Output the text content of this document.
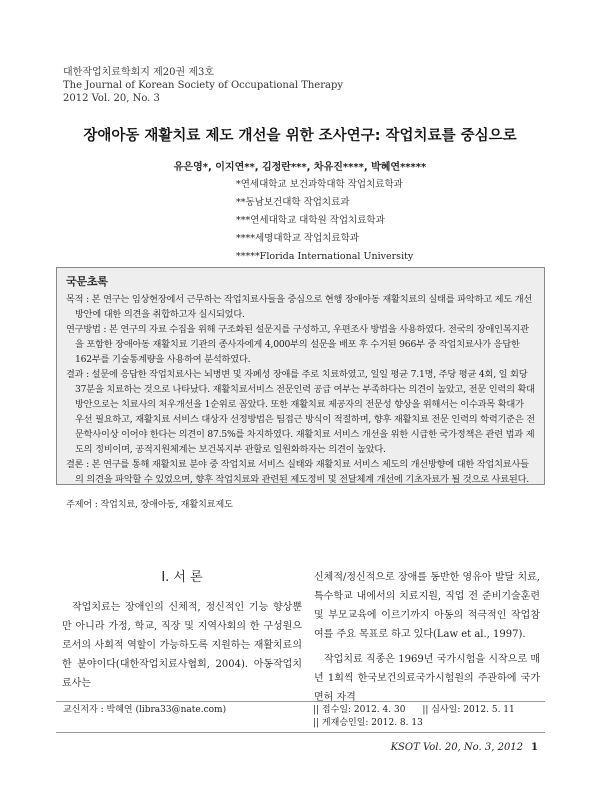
대한작업치료학회지 제20권 제3호
The Journal of Korean Society of Occupational Therapy
2012 Vol. 20, No. 3
장애아동 재활치료 제도 개선을 위한 조사연구: 작업치료를 중심으로
유은영*, 이지연**, 김정란***, 차유진****, 박혜연*****
*연세대학교 보건과학대학 작업치료학과
**동남보건대학 작업치료과
***연세대학교 대학원 작업치료학과
****세명대학교 작업치료학과
*****Florida International University
국문초록
목적 : 본 연구는 임상현장에서 근무하는 작업치료사들을 중심으로 현행 장애아동 재활치료의 실태를 파악하고 제도 개선방안에 대한 의견을 취합하고자 실시되었다.
연구방법 : 본 연구의 자료 수집을 위해 구조화된 설문지를 구성하고, 우편조사 방법을 사용하였다. 전국의 장애인복지관을 포함한 장애아동 재활치료 기관의 종사자에게 4,000부의 설문을 배포 후 수거된 966부 중 작업치료사가 응답한 162부를 기술통계량을 사용하여 분석하였다.
결과 : 설문에 응답한 작업치료사는 뇌병변 및 자폐성 장애를 주로 치료하였고, 일일 평균 7.1명, 주당 평균 4회, 일 회당 37분을 치료하는 것으로 나타났다. 재활치료서비스 전문인력 공급 여부는 부족하다는 의견이 높았고, 전문 인력의 확대방안으로는 치료사의 처우개선을 1순위로 꼽았다. 또한 재활치료 제공자의 전문성 향상을 위해서는 이수과목 확대가 우선 필요하고, 재활치료 서비스 대상자 선정방법은 팀접근 방식이 적절하며, 향후 재활치료 전문 인력의 학력기준은 전문학사이상 이어야 한다는 의견이 87.5%를 차지하였다. 재활치료 서비스 개선을 위한 시급한 국가정책은 관련 법과 제도의 정비이며, 공적지원체계는 보건복지부 관할로 일원화하자는 의견이 높았다.
결론 : 본 연구를 통해 재활치료 분야 중 작업치료 서비스 실태와 재활치료 서비스 제도의 개선방향에 대한 작업치료사들의 의견을 파악할 수 있었으며, 향후 작업치료와 관련된 제도정비 및 전달체계 개선에 기초자료가 될 것으로 사료된다.
주제어 : 작업치료, 장애아동, 재활치료제도
Ⅰ. 서 론

작업치료는 장애인의 신체적, 정신적인 기능 향상뿐만 아니라 가정, 학교, 직장 및 지역사회의 한 구성원으로서의 사회적 역할이 가능하도록 지원하는 재활치료의 한 분야이다(대한작업치료사협회, 2004). 아동작업치료사는

신체적/정신적으로 장애를 동반한 영유아 발달 치료, 특수학교 내에서의 치료지원, 직업 전 준비기술훈련 및 부모교육에 이르기까지 아동의 적극적인 작업참여를 주요 목표로 하고 있다(Law et al., 1997).

작업치료 직종은 1969년 국가시험을 시작으로 매년 1회씩 한국보건의료국가시험원의 주관하에 국가면허 자격

교신저자 : 박혜연 (libra33@nate.com)	|| 접수일: 2012. 4. 30 || 심사일: 2012. 5. 11
|| 게재승인일: 2012. 8. 13
KSOT Vol. 20, No. 3, 2012 1
